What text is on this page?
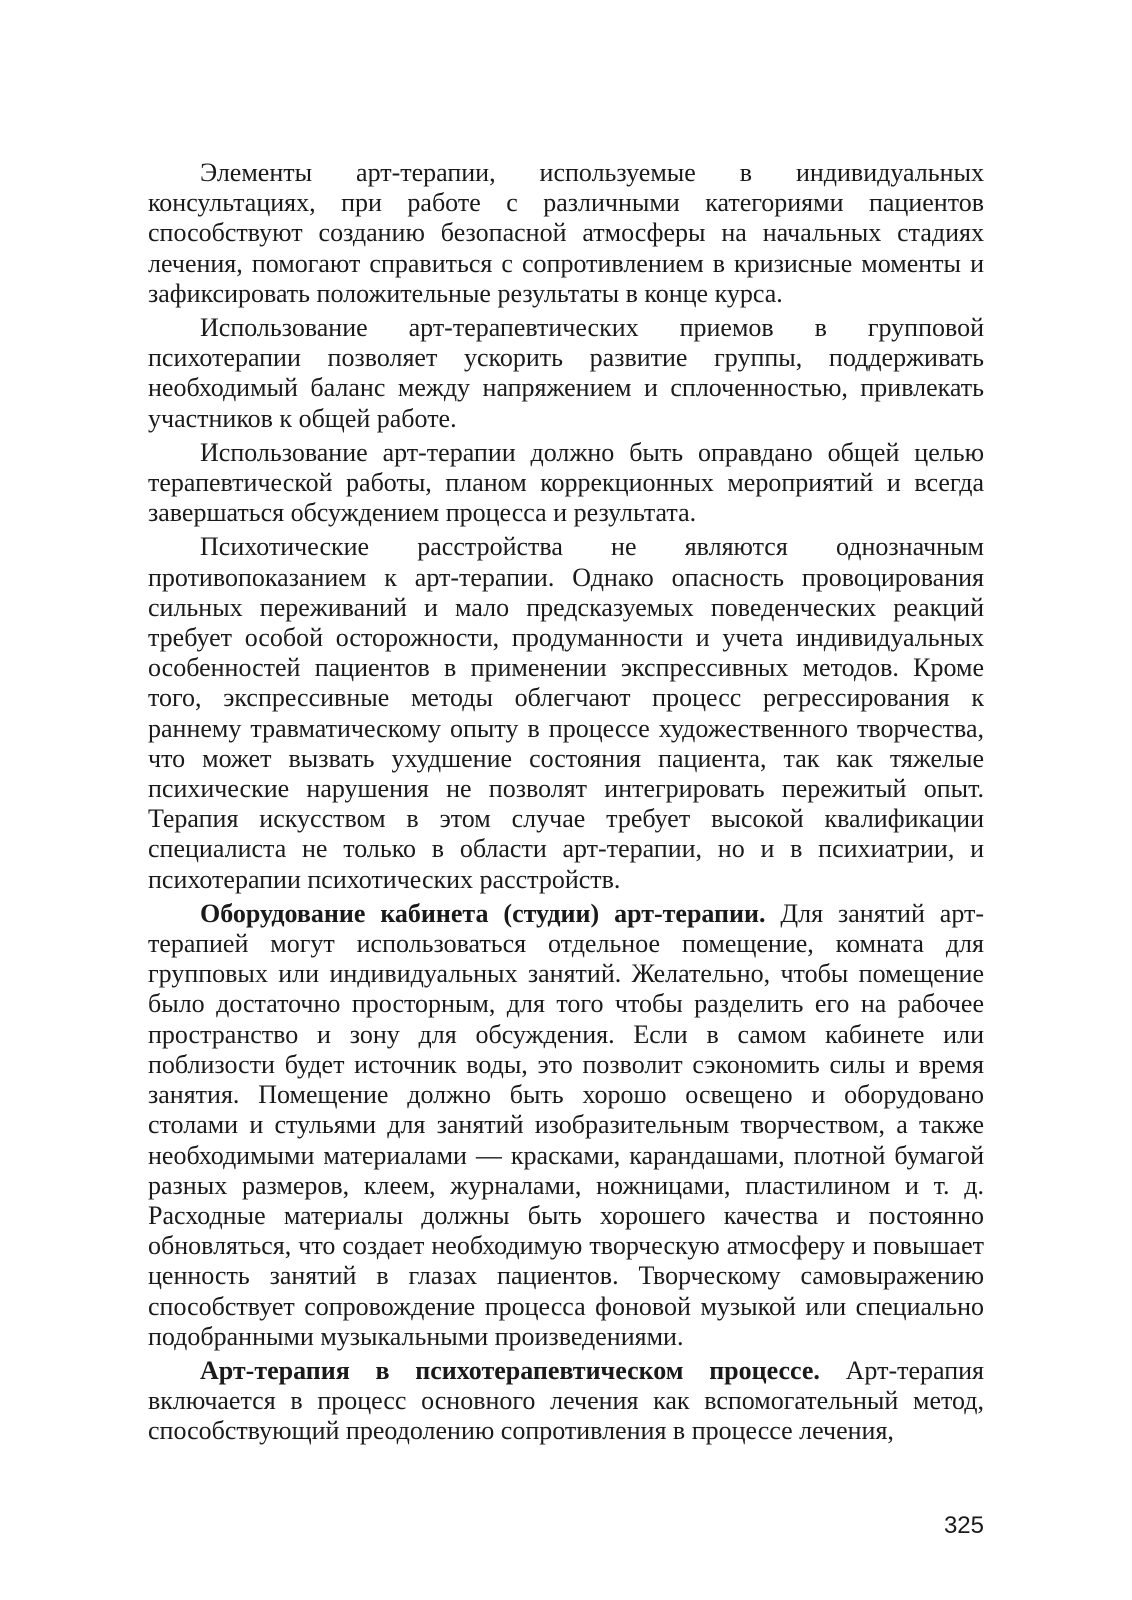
Элементы арт-терапии, используемые в индивидуальных консультациях, при работе с различными категориями пациентов способствуют созданию безопасной атмосферы на начальных стадиях лечения, помогают справиться с сопротивлением в кризисные моменты и зафиксировать положительные результаты в конце курса.

Использование арт-терапевтических приемов в групповой психотерапии позволяет ускорить развитие группы, поддерживать необходимый баланс между напряжением и сплоченностью, привлекать участников к общей работе.

Использование арт-терапии должно быть оправдано общей целью терапевтической работы, планом коррекционных мероприятий и всегда завершаться обсуждением процесса и результата.

Психотические расстройства не являются однозначным противопоказанием к арт-терапии. Однако опасность провоцирования сильных переживаний и мало предсказуемых поведенческих реакций требует особой осторожности, продуманности и учета индивидуальных особенностей пациентов в применении экспрессивных методов. Кроме того, экспрессивные методы облегчают процесс регрессирования к раннему травматическому опыту в процессе художественного творчества, что может вызвать ухудшение состояния пациента, так как тяжелые психические нарушения не позволят интегрировать пережитый опыт. Терапия искусством в этом случае требует высокой квалификации специалиста не только в области арт-терапии, но и в психиатрии, и психотерапии психотических расстройств.

Оборудование кабинета (студии) арт-терапии. Для занятий арт-терапией могут использоваться отдельное помещение, комната для групповых или индивидуальных занятий. Желательно, чтобы помещение было достаточно просторным, для того чтобы разделить его на рабочее пространство и зону для обсуждения. Если в самом кабинете или поблизости будет источник воды, это позволит сэкономить силы и время занятия. Помещение должно быть хорошо освещено и оборудовано столами и стульями для занятий изобразительным творчеством, а также необходимыми материалами — красками, карандашами, плотной бумагой разных размеров, клеем, журналами, ножницами, пластилином и т. д. Расходные материалы должны быть хорошего качества и постоянно обновляться, что создает необходимую творческую атмосферу и повышает ценность занятий в глазах пациентов. Творческому самовыражению способствует сопровождение процесса фоновой музыкой или специально подобранными музыкальными произведениями.

Арт-терапия в психотерапевтическом процессе. Арт-терапия включается в процесс основного лечения как вспомогательный метод, способствующий преодолению сопротивления в процессе лечения,

325
